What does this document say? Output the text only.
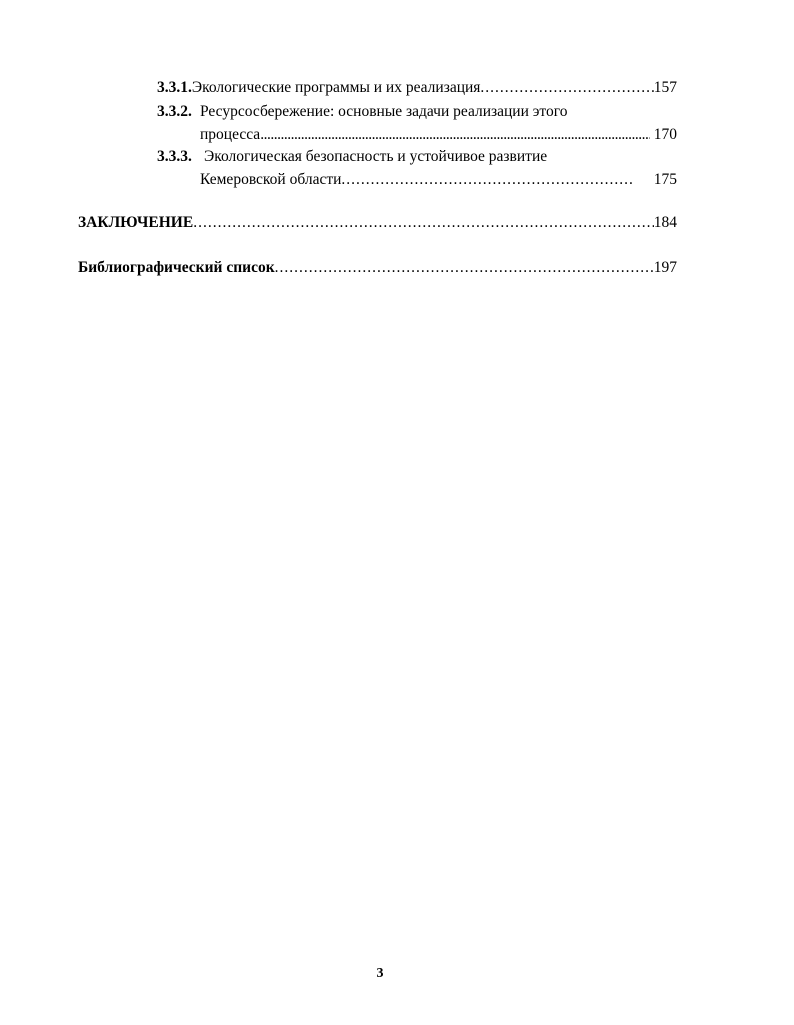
3.3.1. Экологические программы и их реализация .....	157
3.3.2. Ресурсосбережение: основные задачи реализации этого
процесса .....	170
3.3.3. Экологическая безопасность и устойчивое развитие
Кемеровской области .....	175
ЗАКЛЮЧЕНИЕ .....	184
Библиографический список .....	197
3
